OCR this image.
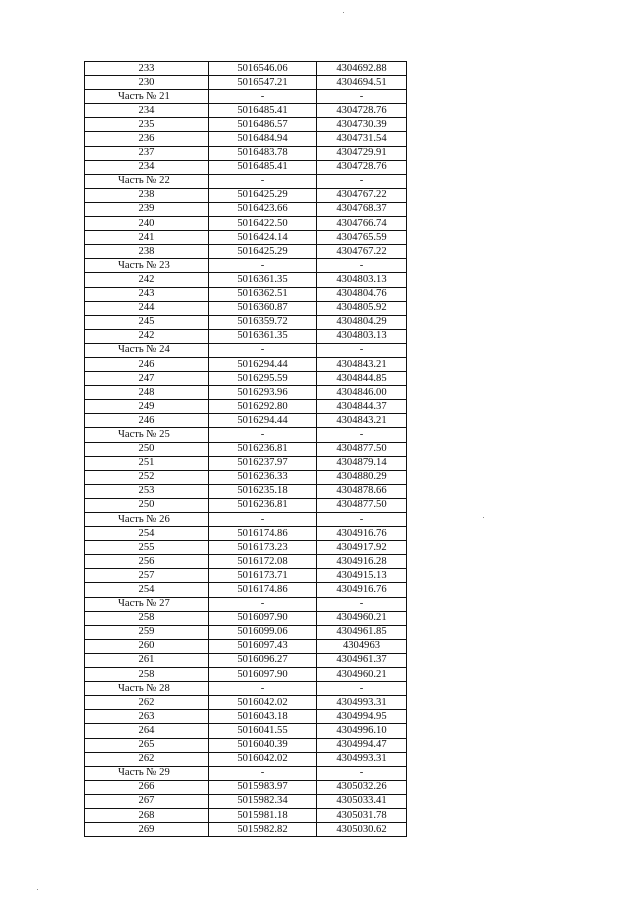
233	5016546.06	4304692.88
230	5016547.21	4304694.51
Часть № 21	-	-
234	5016485.41	4304728.76
235	5016486.57	4304730.39
236	5016484.94	4304731.54
237	5016483.78	4304729.91
234	5016485.41	4304728.76
Часть № 22	-	-
238	5016425.29	4304767.22
239	5016423.66	4304768.37
240	5016422.50	4304766.74
241	5016424.14	4304765.59
238	5016425.29	4304767.22
Часть № 23	-	-
242	5016361.35	4304803.13
243	5016362.51	4304804.76
244	5016360.87	4304805.92
245	5016359.72	4304804.29
242	5016361.35	4304803.13
Часть № 24	-	-
246	5016294.44	4304843.21
247	5016295.59	4304844.85
248	5016293.96	4304846.00
249	5016292.80	4304844.37
246	5016294.44	4304843.21
Часть № 25	-	-
250	5016236.81	4304877.50
251	5016237.97	4304879.14
252	5016236.33	4304880.29
253	5016235.18	4304878.66
250	5016236.81	4304877.50
Часть № 26	-	-
254	5016174.86	4304916.76
255	5016173.23	4304917.92
256	5016172.08	4304916.28
257	5016173.71	4304915.13
254	5016174.86	4304916.76
Часть № 27	-	-
258	5016097.90	4304960.21
259	5016099.06	4304961.85
260	5016097.43	4304963
261	5016096.27	4304961.37
258	5016097.90	4304960.21
Часть № 28	-	-
262	5016042.02	4304993.31
263	5016043.18	4304994.95
264	5016041.55	4304996.10
265	5016040.39	4304994.47
262	5016042.02	4304993.31
Часть № 29	-	-
266	5015983.97	4305032.26
267	5015982.34	4305033.41
268	5015981.18	4305031.78
269	5015982.82	4305030.62
